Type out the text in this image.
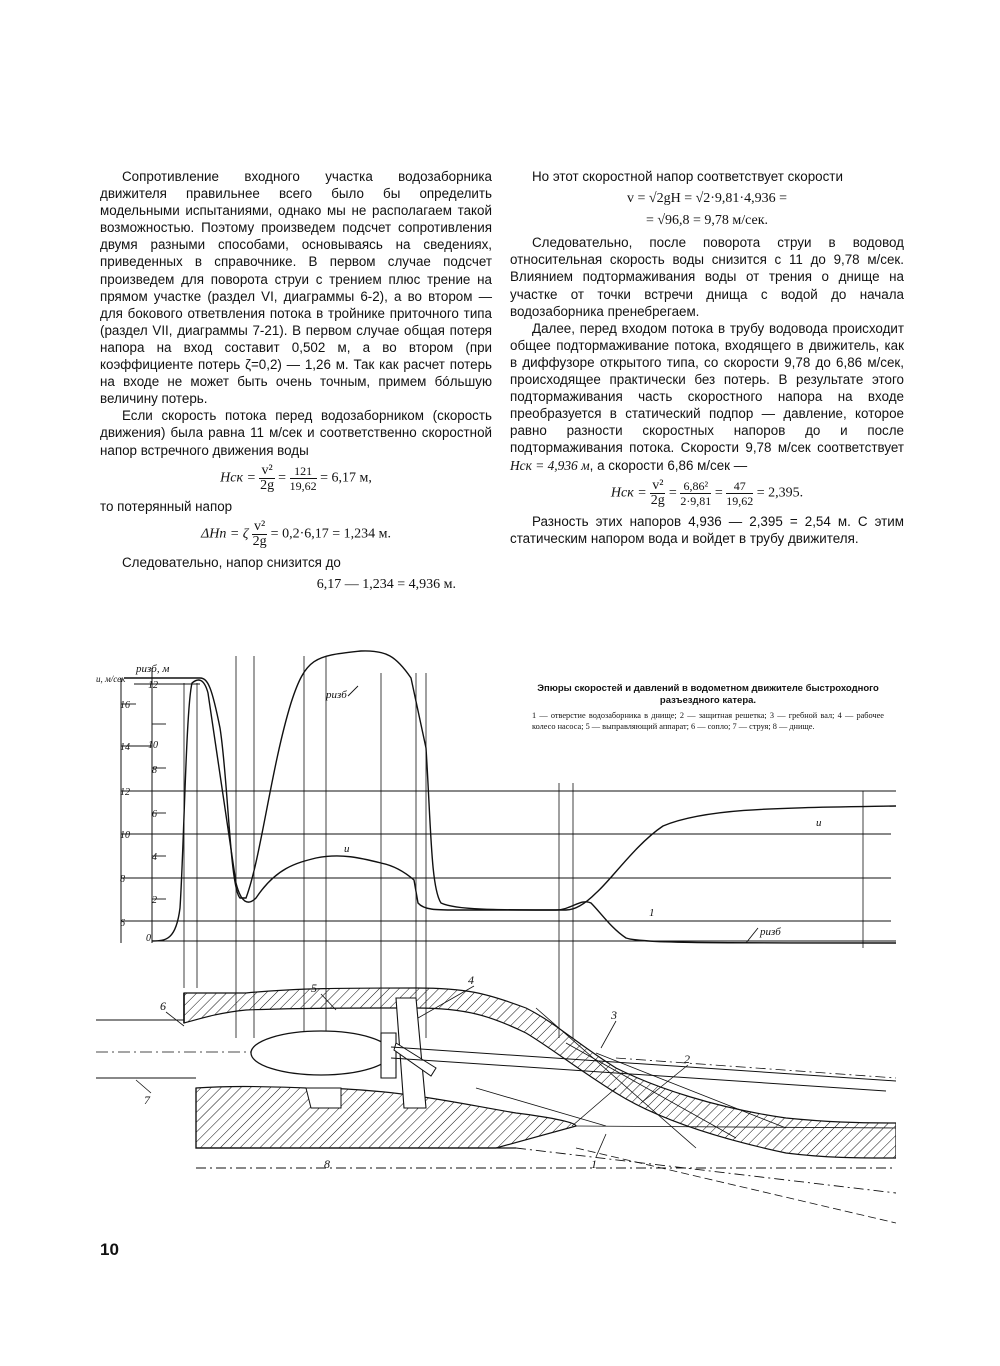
Сопротивление входного участка водозаборника движителя правильнее всего было бы определить модельными испытаниями, однако мы не располагаем такой возможностью. Поэтому произведем подсчет сопротивления двумя разными способами, основываясь на сведениях, приведенных в справочнике. В первом случае подсчет произведем для поворота струи с трением плюс трение на прямом участке (раздел VI, диаграммы 6-2), а во втором — для бокового ответвления потока в тройнике приточного типа (раздел VII, диаграммы 7-21). В первом случае общая потеря напора на вход составит 0,502 м, а во втором (при коэффициенте потерь ζ=0,2) — 1,26 м. Так как расчет потерь на входе не может быть очень точным, примем бóльшую величину потерь.

Если скорость потока перед водозаборником (скорость движения) была равна 11 м/сек и соответственно скоростной напор встречного движения воды

Hск = $\frac{\text{v²}}{2g} = \frac{121}{19,62} = 6,17$ м,

то потерянный напор

ΔHп = ζ $\frac{\text{v²}}{2g} = 0,2\cdot 6,17 = 1,234$ м.

Следовательно, напор снизится до

6,17 — 1,234 = 4,936 м.

Но этот скоростной напор соответствует скорости

v = √2gH = √2·9,81·4,936 =
= √96,8 = 9,78 м/сек.

Следовательно, после поворота струи в водовод относительная скорость воды снизится с 11 до 9,78 м/сек. Влиянием подтормаживания воды от трения о днище на участке от точки встречи днища с водой до начала водозаборника пренебрегаем.

Далее, перед входом потока в трубу водовода происходит общее подтормаживание потока, входящего в движитель, как в диффузоре открытого типа, со скорости 9,78 до 6,86 м/сек, происходящее практически без потерь. В результате этого подтормаживания часть скоростного напора на входе преобразуется в статический подпор — давление, которое равно разности скоростных напоров до и после подтормаживания потока. Скорости 9,78 м/сек соответствует Hск = 4,936 м, а скорости 6,86 м/сек —

Hск = $\frac{\text{v²}}{2g} = \frac{\text{6,86²}}{2\cdot 9,81} = \frac{47}{19,62} = 2,395$.

Разность этих напоров 4,936 — 2,395 = 2,54 м. С этим статическим напором вода и войдет в трубу движителя.

pизб, м
u, м/сек
12
10
8
6
4
2
0
16
14
12
10
8
6
pизб
u
u
pизб
1
5
4
6
3
2
7
8	1
Эпюры скоростей и давлений в водометном движителе быстроходного разъездного катера.
1 — отверстие водозаборника в днище; 2 — защитная решетка; 3 — гребной вал; 4 — рабочее колесо насоса; 5 — выправляющий аппарат; 6 — сопло; 7 — струя; 8 — днище.
10
